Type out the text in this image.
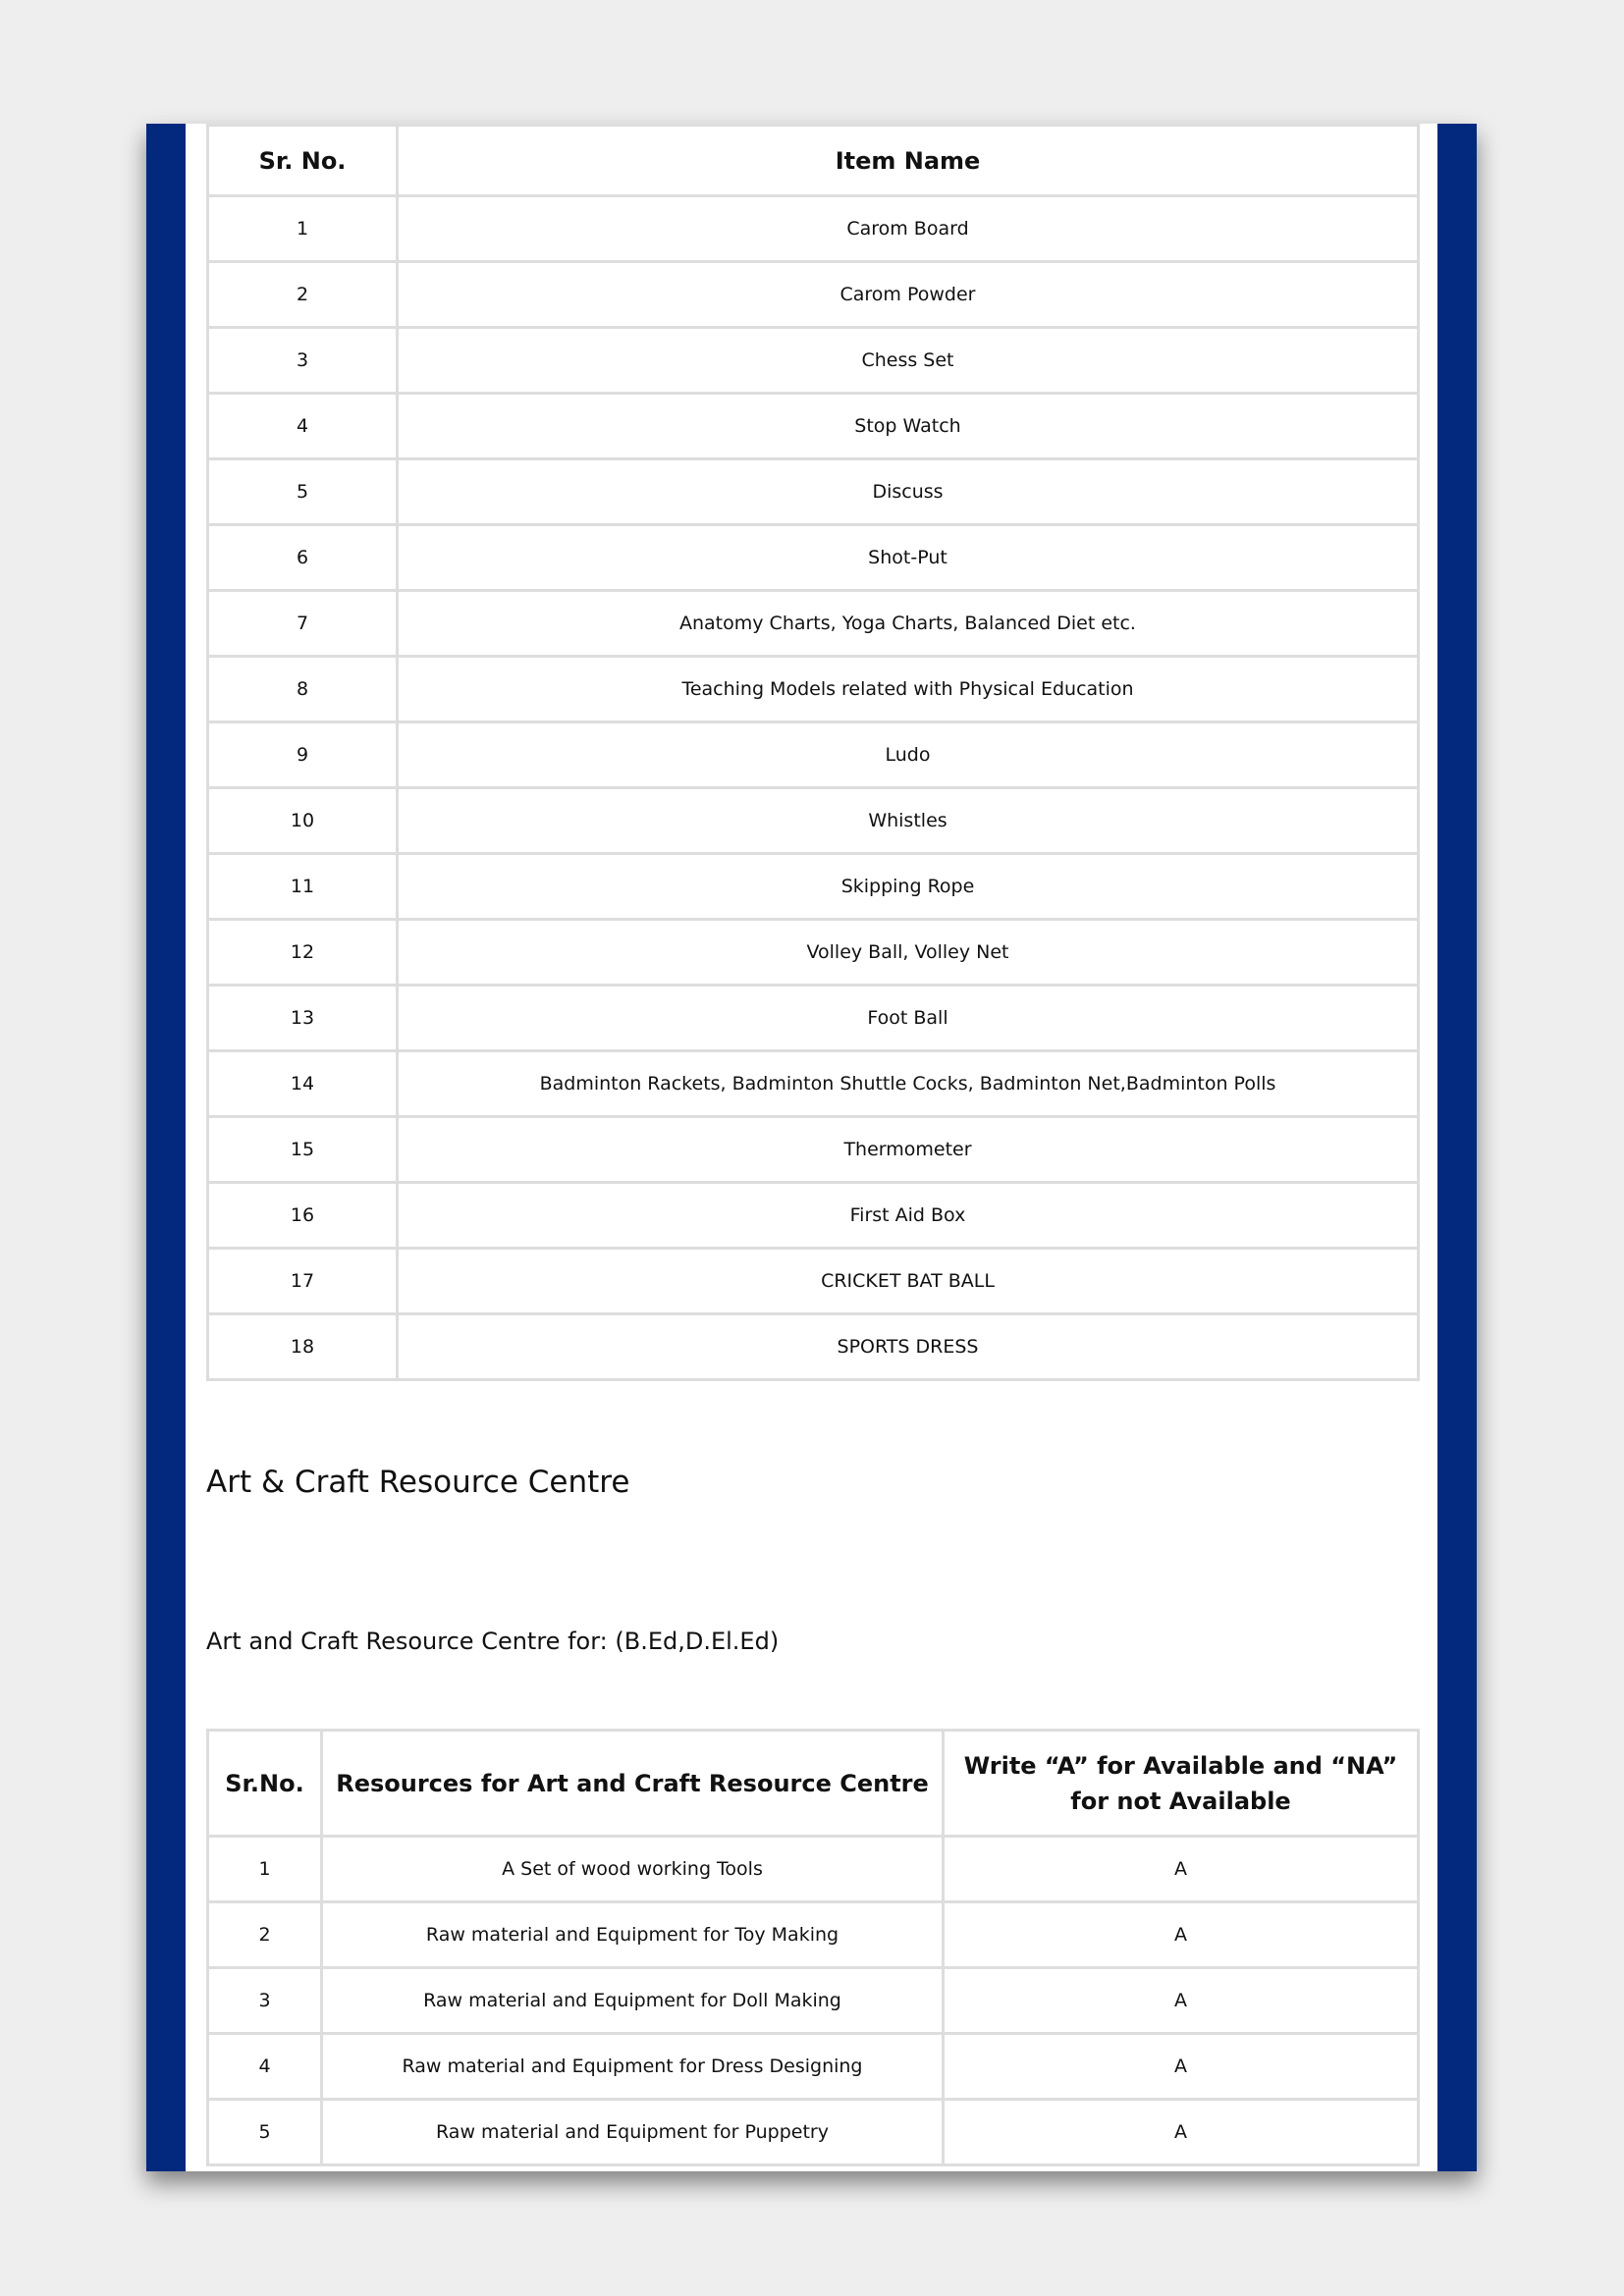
Sr. No.	Item Name
1	Carom Board
2	Carom Powder
3	Chess Set
4	Stop Watch
5	Discuss
6	Shot-Put
7	Anatomy Charts, Yoga Charts, Balanced Diet etc.
8	Teaching Models related with Physical Education
9	Ludo
10	Whistles
11	Skipping Rope
12	Volley Ball, Volley Net
13	Foot Ball
14	Badminton Rackets, Badminton Shuttle Cocks, Badminton Net,Badminton Polls
15	Thermometer
16	First Aid Box
17	CRICKET BAT BALL
18	SPORTS DRESS
Art & Craft Resource Centre

Art and Craft Resource Centre for: (B.Ed,D.El.Ed)

Sr.No.	Resources for Art and Craft Resource Centre	Write “A” for Available and “NA” for not Available
1	A Set of wood working Tools	A
2	Raw material and Equipment for Toy Making	A
3	Raw material and Equipment for Doll Making	A
4	Raw material and Equipment for Dress Designing	A
5	Raw material and Equipment for Puppetry	A
